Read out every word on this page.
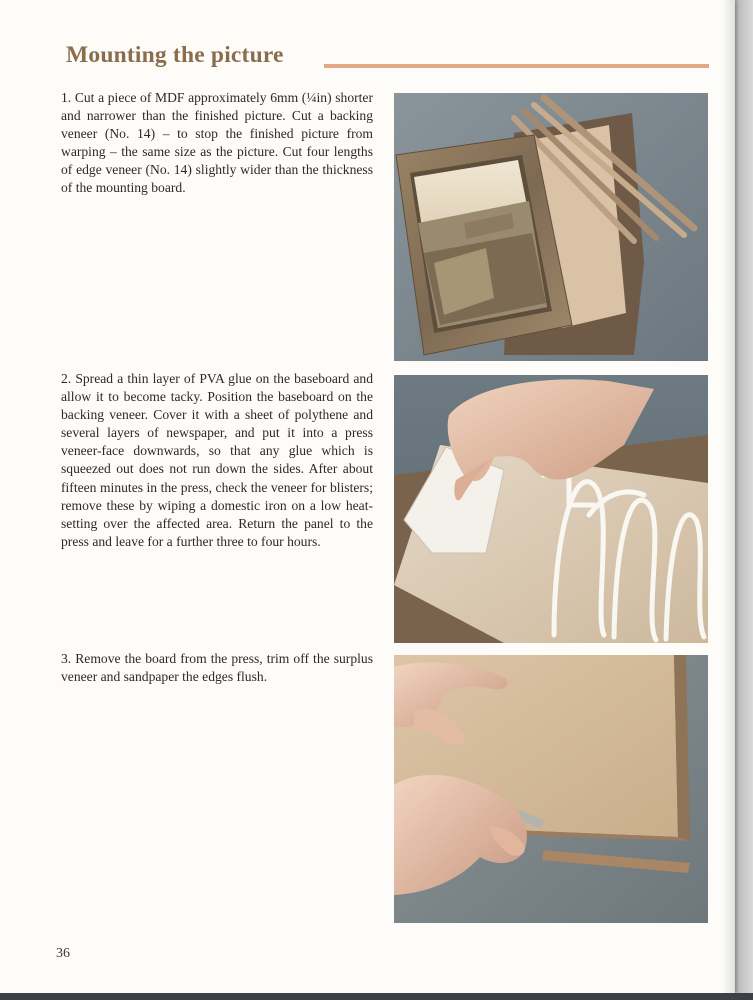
Mounting the picture

1. Cut a piece of MDF approximately 6mm (¼in) shorter and narrower than the finished picture. Cut a backing veneer (No. 14) – to stop the finished picture from warping – the same size as the picture. Cut four lengths of edge veneer (No. 14) slightly wider than the thickness of the mounting board.

2. Spread a thin layer of PVA glue on the baseboard and allow it to become tacky. Position the baseboard on the backing veneer. Cover it with a sheet of polythene and several layers of newspaper, and put it into a press veneer-face downwards, so that any glue which is squeezed out does not run down the sides. After about fifteen minutes in the press, check the veneer for blisters; remove these by wiping a domestic iron on a low heat-setting over the affected area. Return the panel to the press and leave for a further three to four hours.

3. Remove the board from the press, trim off the surplus veneer and sandpaper the edges flush.

36
